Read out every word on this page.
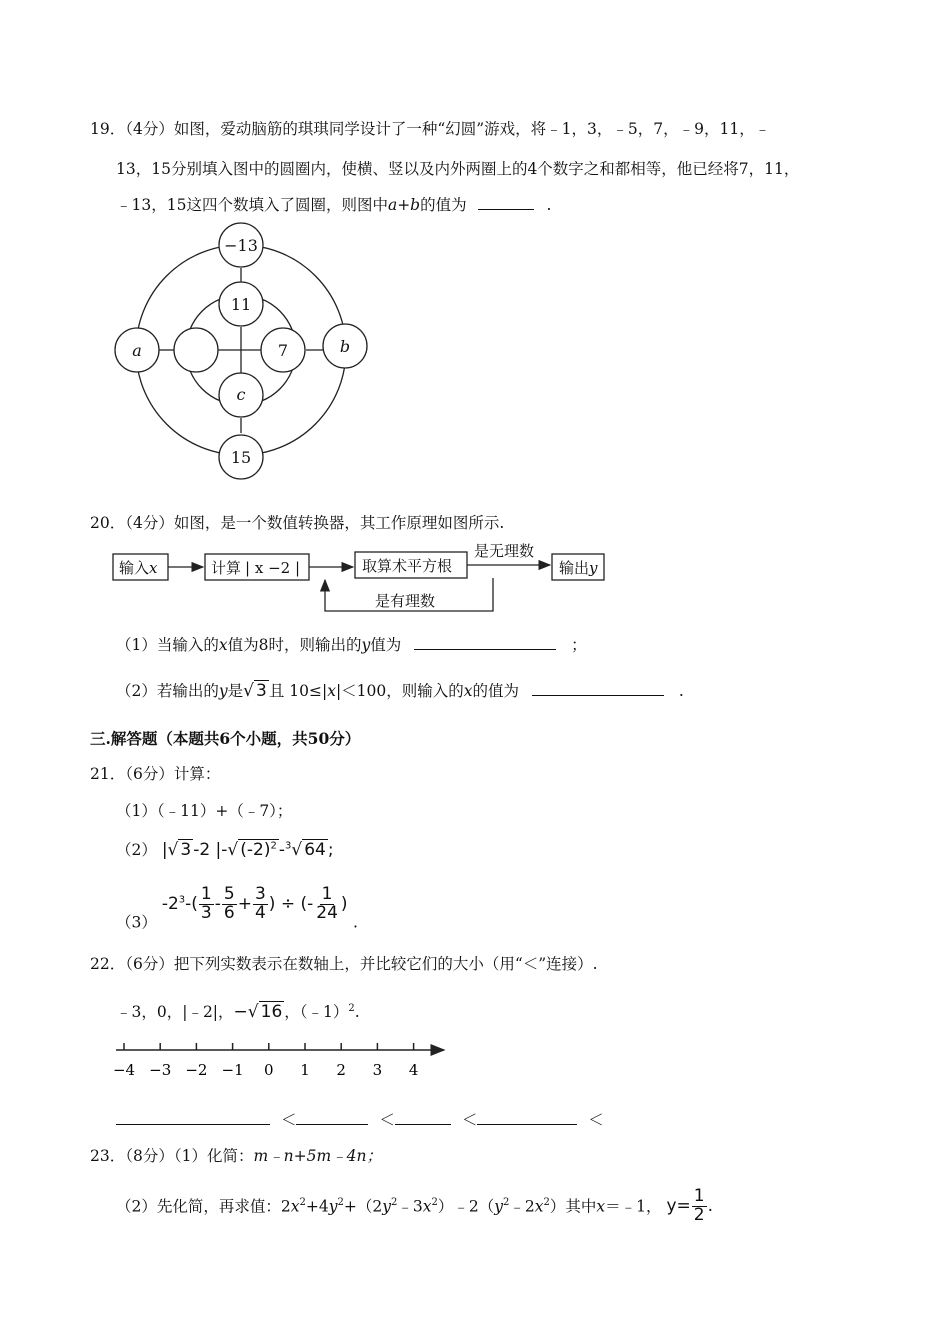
19．（4分）如图，爱动脑筋的琪琪同学设计了一种“幻圆”游戏，将﹣1，3，﹣5，7，﹣9，11，﹣
13，15分别填入图中的圆圈内，使横、竖以及内外两圈上的4个数字之和都相等，他已经将7，11，
﹣13，15这四个数填入了圆圈，则图中a+b的值为	.
−13
11
a	7	b
c
15
20．（4分）如图，是一个数值转换器，其工作原理如图所示.
输入x	计算 | x −2 |	取算术平方根
是无理数
输出y
是有理数
（1）当输入的x值为8时，则输出的y值为	；
（2）若输出的y是√ 3 且 10≤|x|＜100，则输入的x的值为	.
三.解答题（本题共6个小题，共50分）
21．（6分）计算：
（1）（﹣11）+（﹣7）；
（2） |√ 3 -2 |-√ $(-2)^2$ -$^3$√ 64 ;
（3） $-2^3-( \frac{1}{3} - \frac{5}{6} + \frac{3}{4}$ ) ÷ (- $\frac{1}{24}$ ) .
22．（6分）把下列实数表示在数轴上，并比较它们的大小（用“＜”连接）.
﹣3，0，|﹣2|，−√ 16 ，（﹣1）$^2$.
−4 −3 −2 −1 0 1 2 3 4
＜	＜	＜	＜
23．（8分）（1）化简：m﹣n+5m﹣4n；
（2）先化简，再求值：$2x^2+4y^2+(2y^2﹣3x^2)﹣2(y^2﹣2x^2)$其中x＝﹣1， $y= \frac{1}{2}$ .
